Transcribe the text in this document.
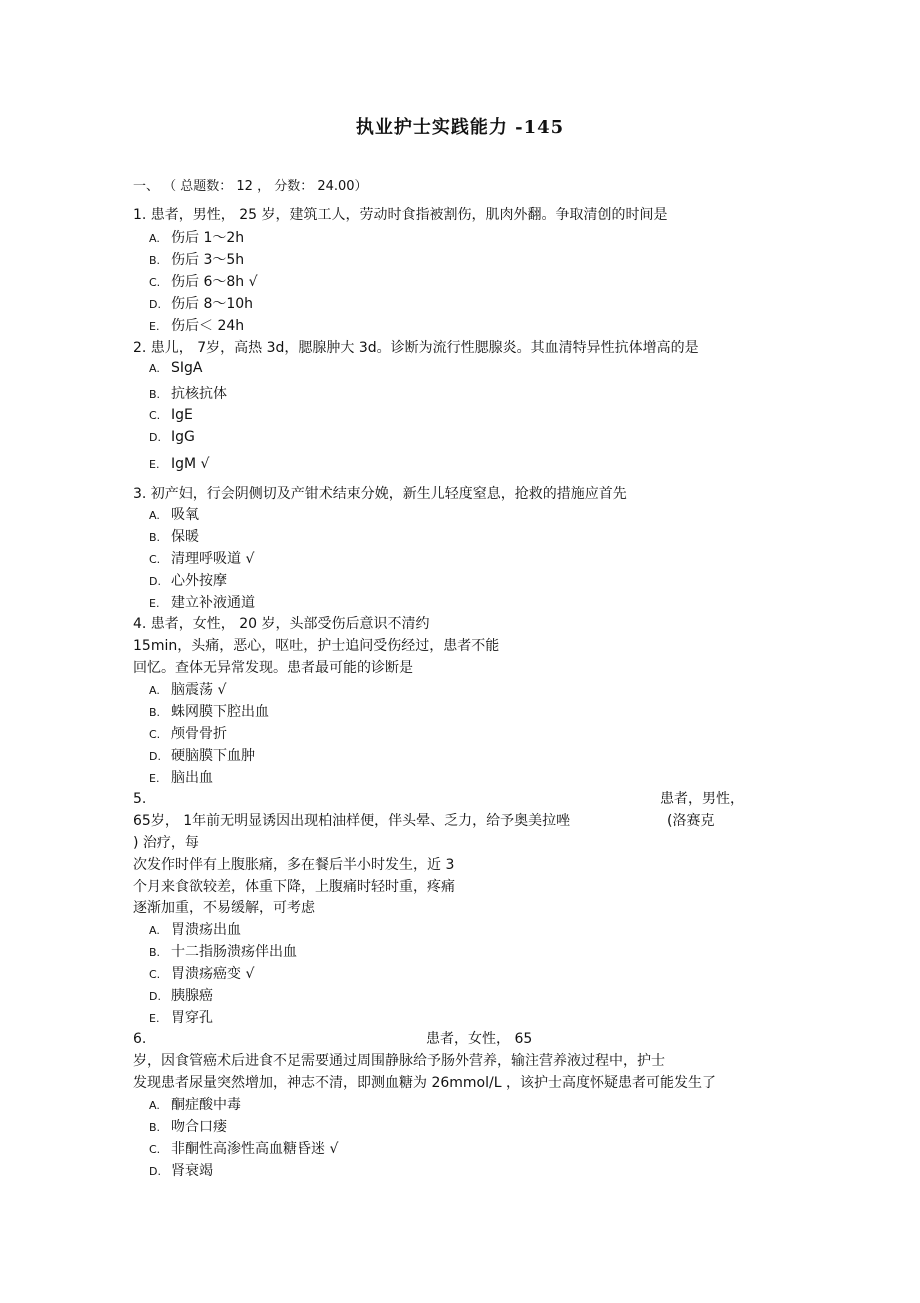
执业护士实践能力 -145
一、 （ 总题数： 12 ， 分数： 24.00）
1. 患者，男性， 25 岁，建筑工人，劳动时食指被割伤，肌肉外翻。争取清创的时间是
A. 伤后 1～2h
B. 伤后 3～5h
C. 伤后 6～8h √
D. 伤后 8～10h
E. 伤后＜ 24h
2. 患儿， 7岁，高热 3d，腮腺肿大 3d。诊断为流行性腮腺炎。其血清特异性抗体增高的是
A. SIgA
B. 抗核抗体
C. IgE
D. IgG
E. IgM √
3. 初产妇，行会阴侧切及产钳术结束分娩，新生儿轻度窒息，抢救的措施应首先
A. 吸氧
B. 保暖
C. 清理呼吸道 √
D. 心外按摩
E. 建立补液通道
4. 患者，女性， 20 岁，头部受伤后意识不清约
15min，头痛，恶心，呕吐，护士追问受伤经过，患者不能
回忆。查体无异常发现。患者最可能的诊断是
A. 脑震荡 √
B. 蛛网膜下腔出血
C. 颅骨骨折
D. 硬脑膜下血肿
E. 脑出血
5.	患者，男性，
65岁， 1年前无明显诱因出现柏油样便，伴头晕、乏力，给予奥美拉唑	(洛赛克
) 治疗，每
次发作时伴有上腹胀痛，多在餐后半小时发生，近 3
个月来食欲较差，体重下降，上腹痛时轻时重，疼痛
逐渐加重，不易缓解，可考虑
A. 胃溃疡出血
B. 十二指肠溃疡伴出血
C. 胃溃疡癌变 √
D. 胰腺癌
E. 胃穿孔
6.	患者，女性， 65
岁，因食管癌术后进食不足需要通过周围静脉给予肠外营养，输注营养液过程中，护士
发现患者尿量突然增加，神志不清，即测血糖为 26mmol/L ，该护士高度怀疑患者可能发生了
A. 酮症酸中毒
B. 吻合口瘘
C. 非酮性高渗性高血糖昏迷 √
D. 肾衰竭
